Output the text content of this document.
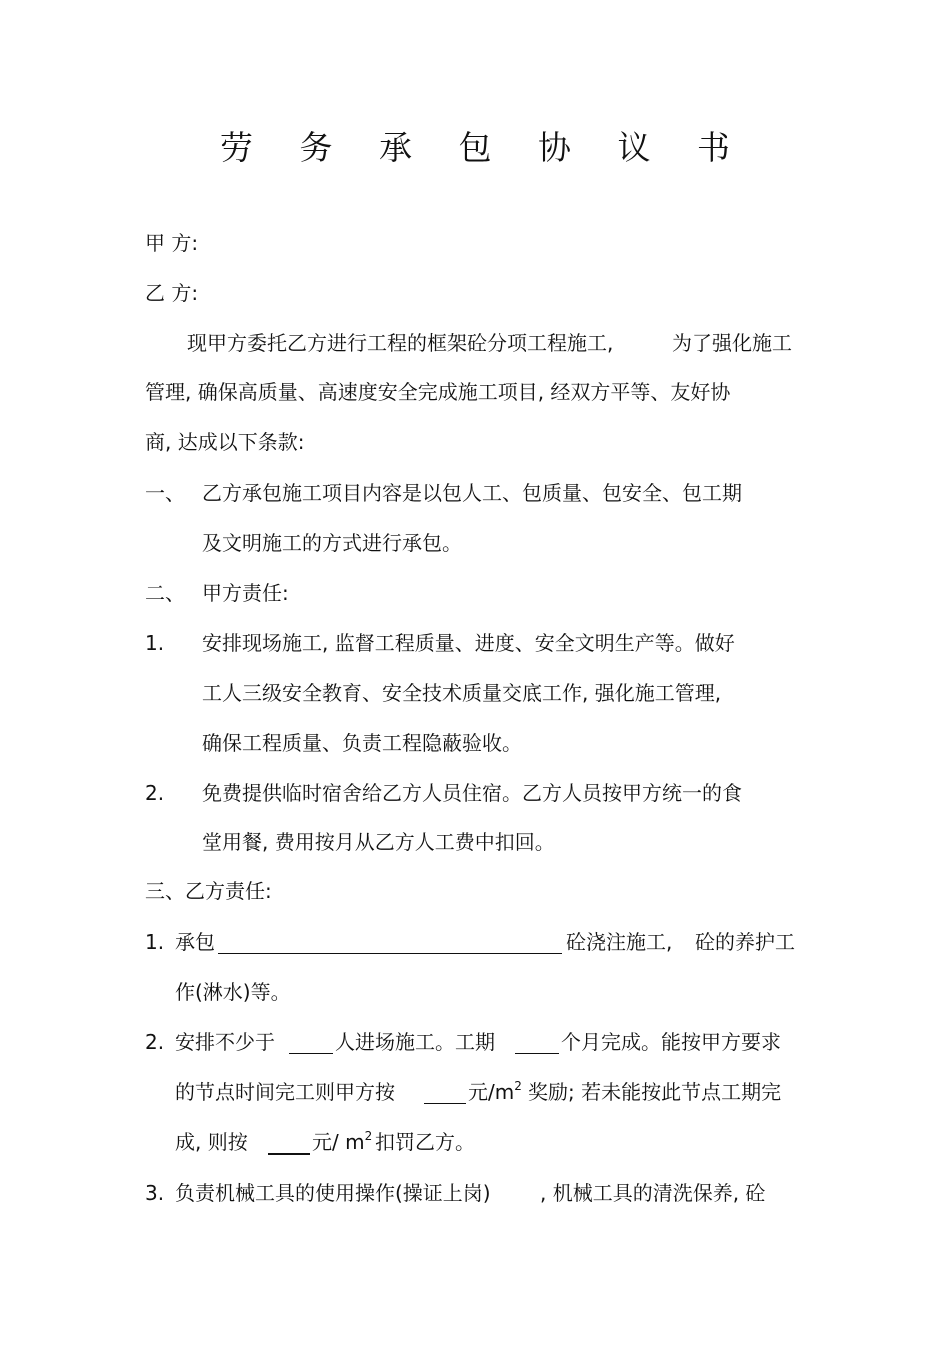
劳 务 承 包 协 议 书
甲 方:
乙 方:
现甲方委托乙方进行工程的框架砼分项工程施工,	为了强化施工
管理, 确保高质量、高速度安全完成施工项目, 经双方平等、友好协
商, 达成以下条款:
一、 乙方承包施工项目内容是以包人工、包质量、包安全、包工期
及文明施工的方式进行承包。
二、 甲方责任:
1. 安排现场施工, 监督工程质量、进度、安全文明生产等。做好
工人三级安全教育、安全技术质量交底工作, 强化施工管理,
确保工程质量、负责工程隐蔽验收。
2. 免费提供临时宿舍给乙方人员住宿。乙方人员按甲方统一的食
堂用餐, 费用按月从乙方人工费中扣回。
三、乙方责任:
1. 承包	砼浇注施工, 砼的养护工
作(淋水)等。
2. 安排不少于	人进场施工。工期	个月完成。能按甲方要求
的节点时间完工则甲方按	元$/m^2$ 奖励; 若未能按此节点工期完
成, 则按	元/ $m^2$ 扣罚乙方。
3. 负责机械工具的使用操作(操证上岗) , 机械工具的清洗保养, 砼
